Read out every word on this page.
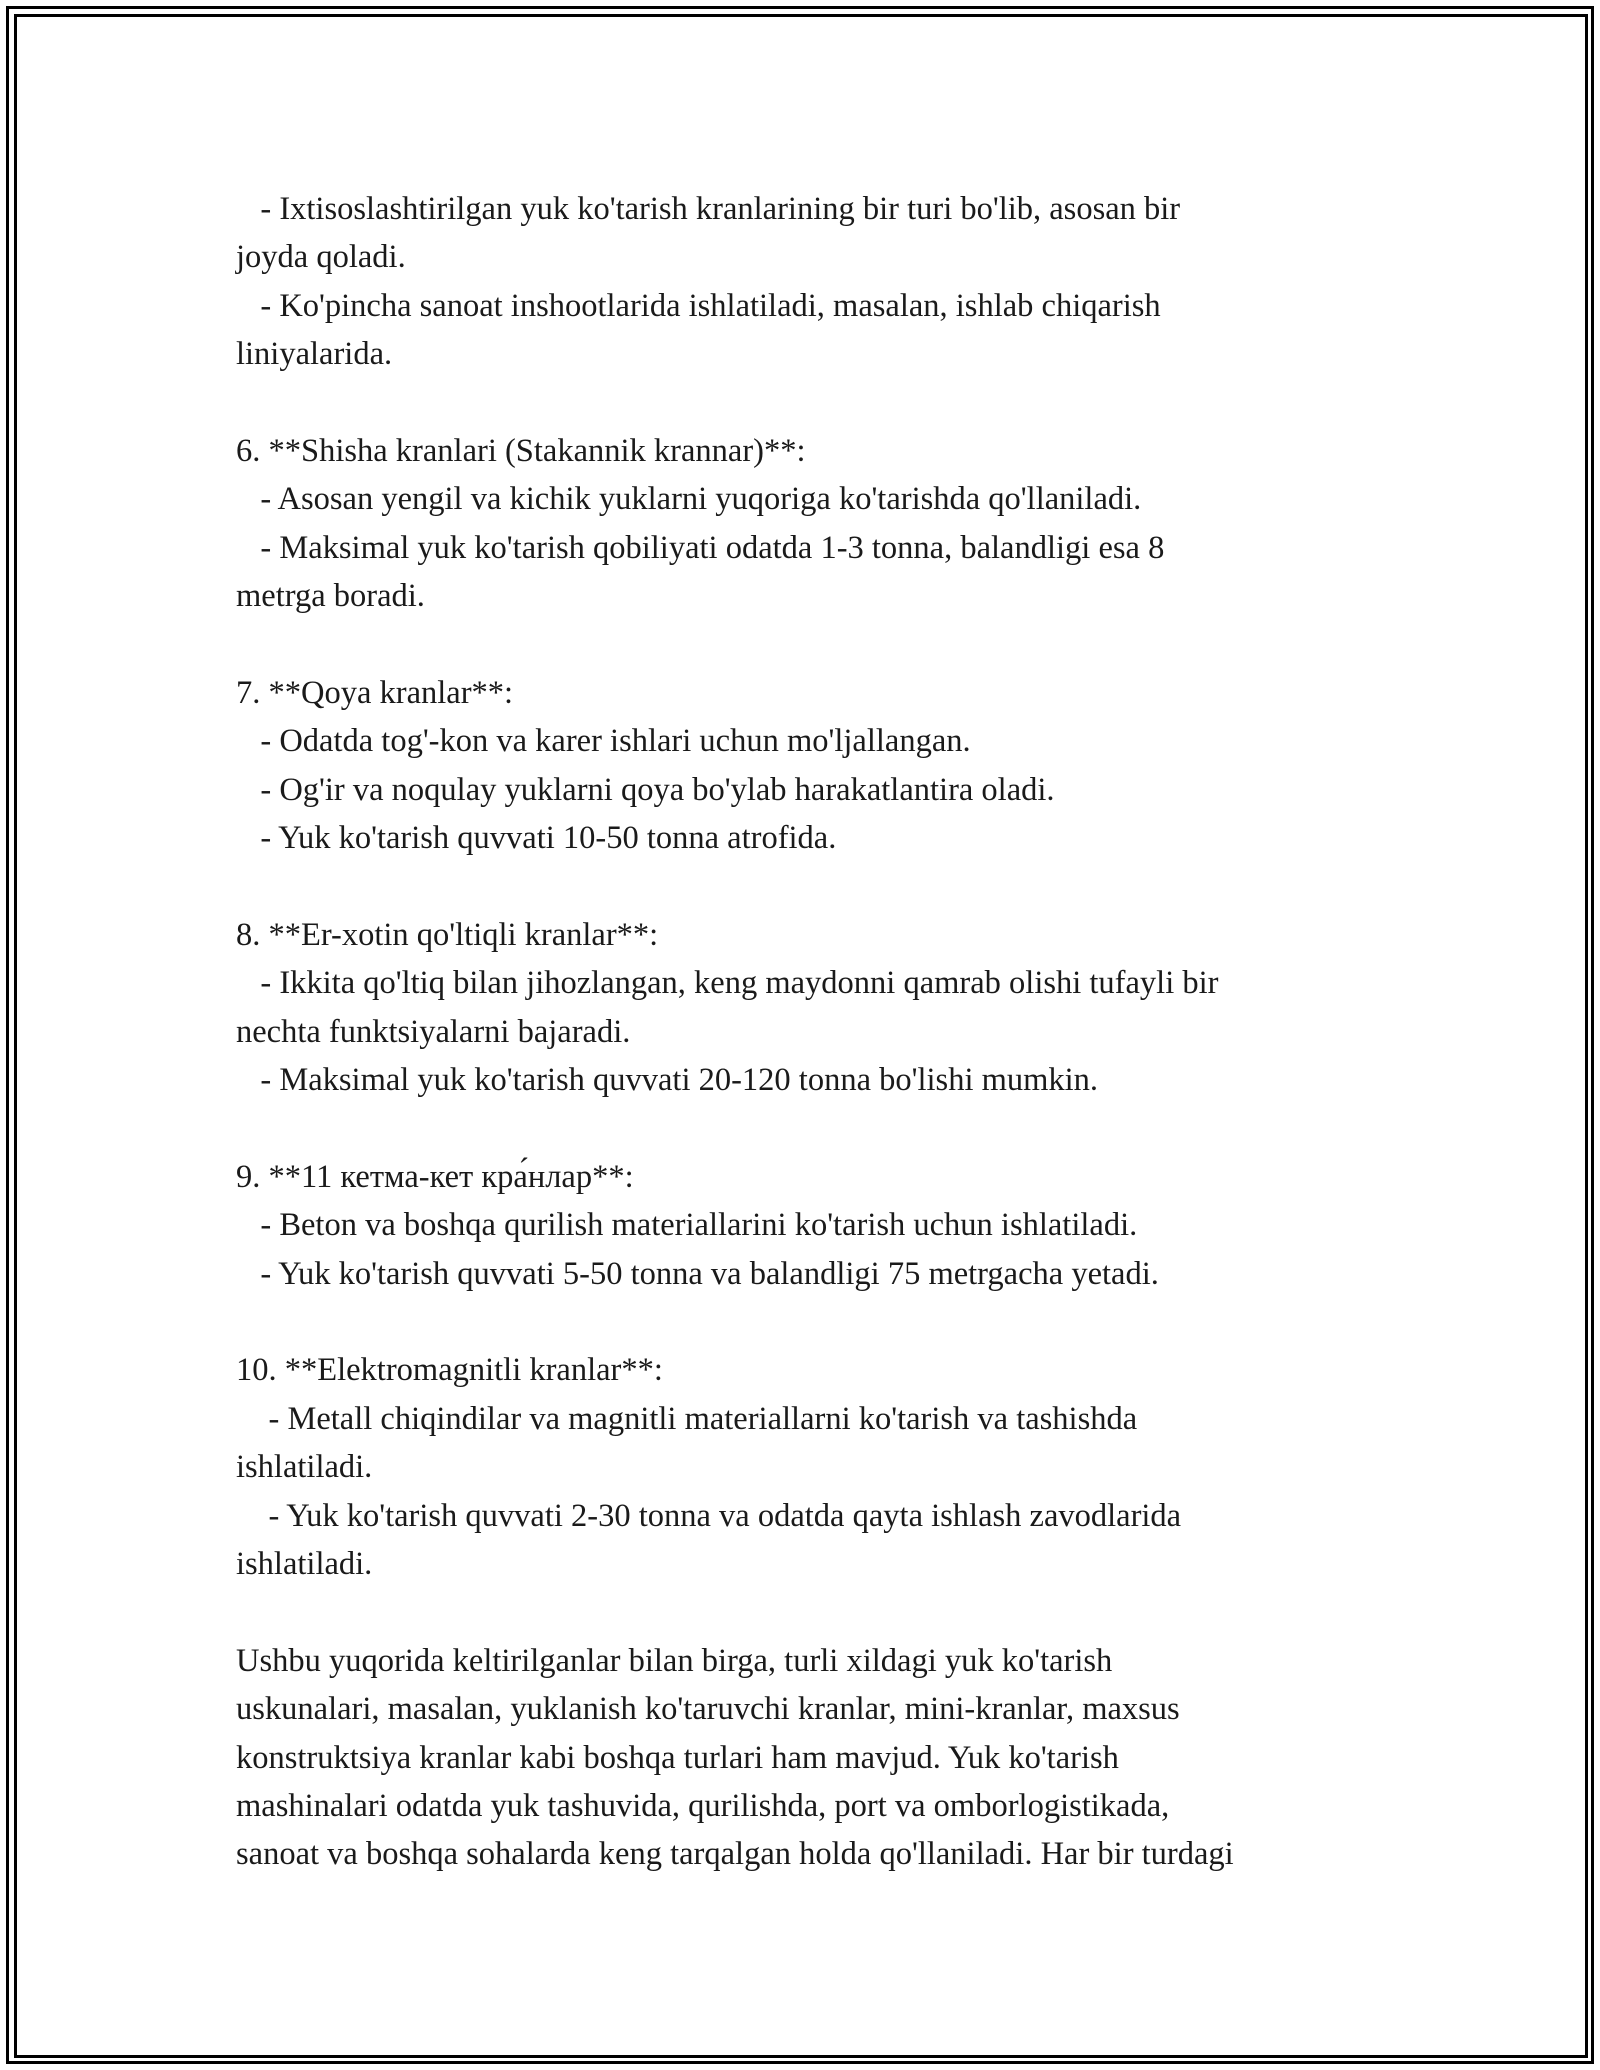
- Ixtisoslashtirilgan yuk ko'tarish kranlarining bir turi bo'lib, asosan bir
joyda qoladi.
- Ko'pincha sanoat inshootlarida ishlatiladi, masalan, ishlab chiqarish
liniyalarida.
6. **Shisha kranlari (Stakannik krannar)**:
- Asosan yengil va kichik yuklarni yuqoriga ko'tarishda qo'llaniladi.
- Maksimal yuk ko'tarish qobiliyati odatda 1-3 tonna, balandligi esa 8
metrga boradi.
7. **Qoya kranlar**:
- Odatda tog'-kon va karer ishlari uchun mo'ljallangan.
- Og'ir va noqulay yuklarni qoya bo'ylab harakatlantira oladi.
- Yuk ko'tarish quvvati 10-50 tonna atrofida.
8. **Er-xotin qo'ltiqli kranlar**:
- Ikkita qo'ltiq bilan jihozlangan, keng maydonni qamrab olishi tufayli bir
nechta funktsiyalarni bajaradi.
- Maksimal yuk ko'tarish quvvati 20-120 tonna bo'lishi mumkin.
9. **11 кетма-кет кра́нлар**:
- Beton va boshqa qurilish materiallarini ko'tarish uchun ishlatiladi.
- Yuk ko'tarish quvvati 5-50 tonna va balandligi 75 metrgacha yetadi.
10. **Elektromagnitli kranlar**:
- Metall chiqindilar va magnitli materiallarni ko'tarish va tashishda
ishlatiladi.
- Yuk ko'tarish quvvati 2-30 tonna va odatda qayta ishlash zavodlarida
ishlatiladi.
Ushbu yuqorida keltirilganlar bilan birga, turli xildagi yuk ko'tarish
uskunalari, masalan, yuklanish ko'taruvchi kranlar, mini-kranlar, maxsus
konstruktsiya kranlar kabi boshqa turlari ham mavjud. Yuk ko'tarish
mashinalari odatda yuk tashuvida, qurilishda, port va omborlogistikada,
sanoat va boshqa sohalarda keng tarqalgan holda qo'llaniladi. Har bir turdagi
